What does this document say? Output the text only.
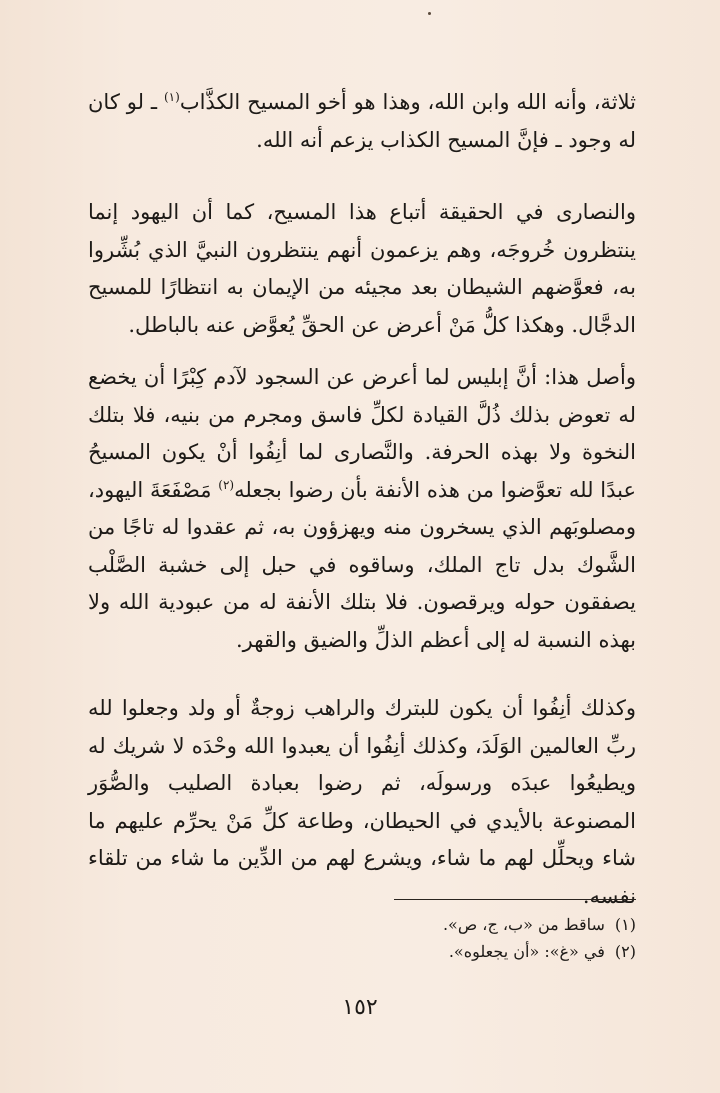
ثلاثة، وأنه الله وابن الله، وهذا هو أخو المسيح الكذَّاب$^{(١)}$ ـ لو كان له وجود ـ فإنَّ المسيح الكذاب يزعم أنه الله.

والنصارى في الحقيقة أتباع هذا المسيح، كما أن اليهود إنما ينتظرون خُروجَه، وهم يزعمون أنهم ينتظرون النبيَّ الذي بُشِّروا به، فعوَّضهم الشيطان بعد مجيئه من الإيمان به انتظارًا للمسيح الدجَّال. وهكذا كلُّ مَنْ أعرض عن الحقِّ يُعوَّض عنه بالباطل.

وأصل هذا: أنَّ إبليس لما أعرض عن السجود لآدم كِبْرًا أن يخضع له تعوض بذلك ذُلَّ القيادة لكلِّ فاسق ومجرم من بنيه، فلا بتلك النخوة ولا بهذه الحرفة. والنَّصارى لما أنِفُوا أنْ يكون المسيحُ عبدًا لله تعوَّضوا من هذه الأنفة بأن رضوا بجعله$^{(٢)}$ مَصْفَعَةَ اليهود، ومصلوبَهم الذي يسخرون منه ويهزؤون به، ثم عقدوا له تاجًا من الشَّوك بدل تاج الملك، وساقوه في حبل إلى خشبة الصَّلْب يصفقون حوله ويرقصون. فلا بتلك الأنفة له من عبودية الله ولا بهذه النسبة له إلى أعظم الذلِّ والضيق والقهر.

وكذلك أنِفُوا أن يكون للبترك والراهب زوجةٌ أو ولد وجعلوا لله ربِّ العالمين الوَلَدَ، وكذلك أنِفُوا أن يعبدوا الله وحْدَه لا شريك له ويطيعُوا عبدَه ورسولَه، ثم رضوا بعبادة الصليب والصُّوَر المصنوعة بالأيدي في الحيطان، وطاعة كلِّ مَنْ يحرِّم عليهم ما شاء ويحلِّل لهم ما شاء، ويشرع لهم من الدِّين ما شاء من تلقاء نفسه.

(١)ساقط من «ب، ج، ص».
(٢)في «غ»: «أن يجعلوه».
١٥٢
